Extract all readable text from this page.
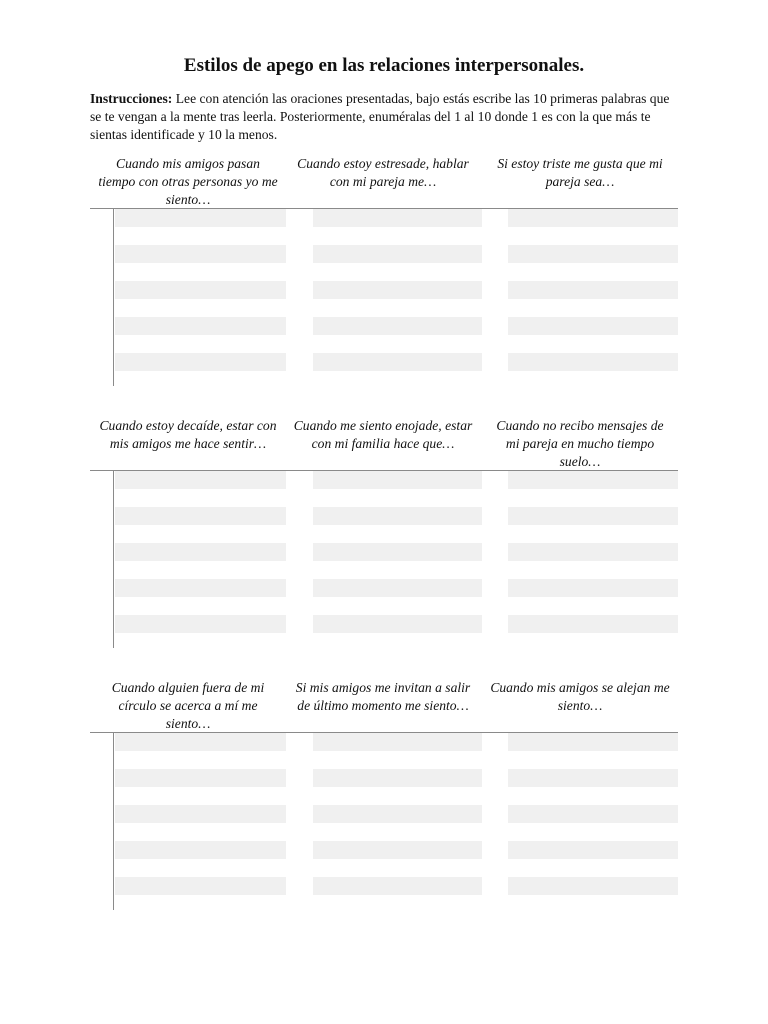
Estilos de apego en las relaciones interpersonales.
Instrucciones: Lee con atención las oraciones presentadas, bajo estás escribe las 10 primeras palabras que se te vengan a la mente tras leerla. Posteriormente, enuméralas del 1 al 10 donde 1 es con la que más te sientas identificade y 10 la menos.
Cuando mis amigos pasan tiempo con otras personas yo me siento…
Cuando estoy estresade, hablar con mi pareja me…
Si estoy triste me gusta que mi pareja sea…
Cuando estoy decaíde, estar con mis amigos me hace sentir…
Cuando me siento enojade, estar con mi familia hace que…
Cuando no recibo mensajes de mi pareja en mucho tiempo suelo…
Cuando alguien fuera de mi círculo se acerca a mí me siento…
Si mis amigos me invitan a salir de último momento me siento…
Cuando mis amigos se alejan me siento…
